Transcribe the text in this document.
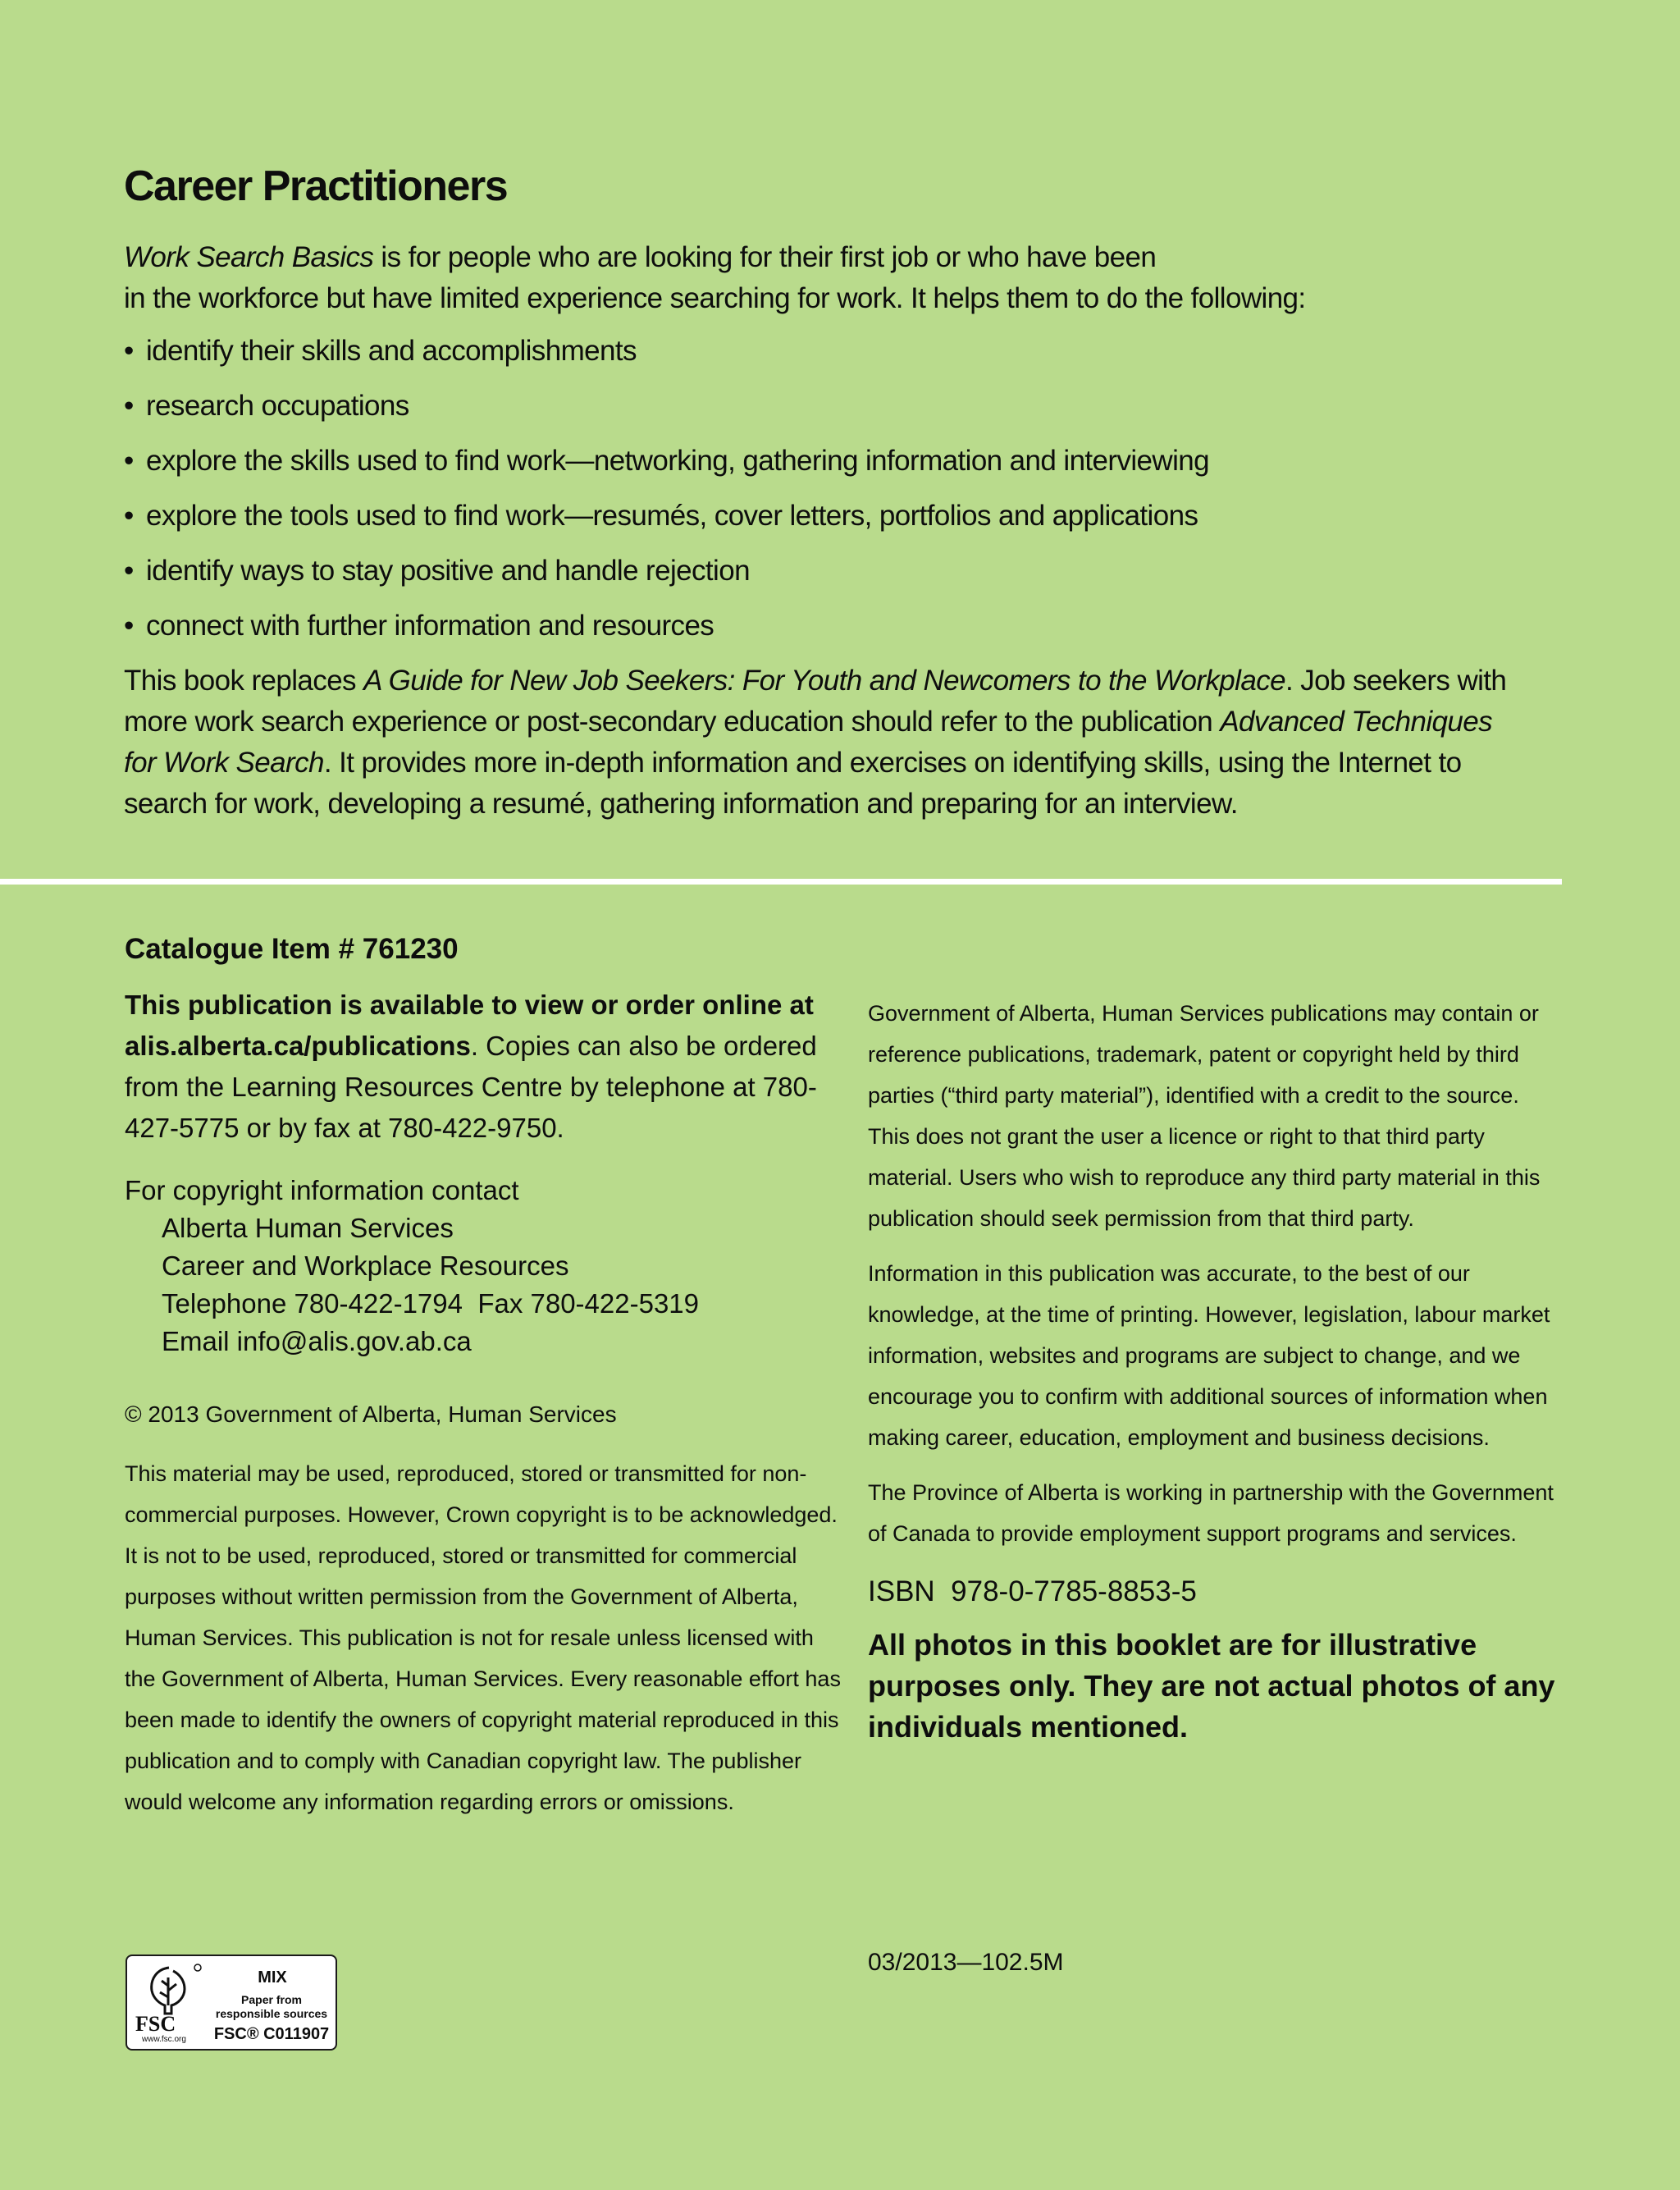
Career Practitioners

Work Search Basics is for people who are looking for their first job or who have been
in the workforce but have limited experience searching for work. It helps them to do the following:

• identify their skills and accomplishments
• research occupations
• explore the skills used to find work—networking, gathering information and interviewing
• explore the tools used to find work—resumés, cover letters, portfolios and applications
• identify ways to stay positive and handle rejection
• connect with further information and resources

This book replaces A Guide for New Job Seekers: For Youth and Newcomers to the Workplace. Job seekers with more work search experience or post-secondary education should refer to the publication Advanced Techniques for Work Search. It provides more in-depth information and exercises on identifying skills, using the Internet to search for work, developing a resumé, gathering information and preparing for an interview.

Catalogue Item # 761230

This publication is available to view or order online at alis.alberta.ca/publications. Copies can also be ordered from the Learning Resources Centre by telephone at 780-427-5775 or by fax at 780-422-9750.

For copyright information contact
Alberta Human Services
Career and Workplace Resources
Telephone 780-422-1794  Fax 780-422-5319
Email info@alis.gov.ab.ca

© 2013 Government of Alberta, Human Services

This material may be used, reproduced, stored or transmitted for non-commercial purposes. However, Crown copyright is to be acknowledged. It is not to be used, reproduced, stored or transmitted for commercial purposes without written permission from the Government of Alberta, Human Services. This publication is not for resale unless licensed with the Government of Alberta, Human Services. Every reasonable effort has been made to identify the owners of copyright material reproduced in this publication and to comply with Canadian copyright law. The publisher would welcome any information regarding errors or omissions.

FSC
www.fsc.org
MIX
Paper from responsible sources
FSC® C011907

Government of Alberta, Human Services publications may contain or reference publications, trademark, patent or copyright held by third parties (“third party material”), identified with a credit to the source. This does not grant the user a licence or right to that third party material. Users who wish to reproduce any third party material in this publication should seek permission from that third party.

Information in this publication was accurate, to the best of our knowledge, at the time of printing. However, legislation, labour market information, websites and programs are subject to change, and we encourage you to confirm with additional sources of information when making career, education, employment and business decisions.

The Province of Alberta is working in partnership with the Government of Canada to provide employment support programs and services.

ISBN  978-0-7785-8853-5

All photos in this booklet are for illustrative purposes only. They are not actual photos of any individuals mentioned.

03/2013—102.5M
